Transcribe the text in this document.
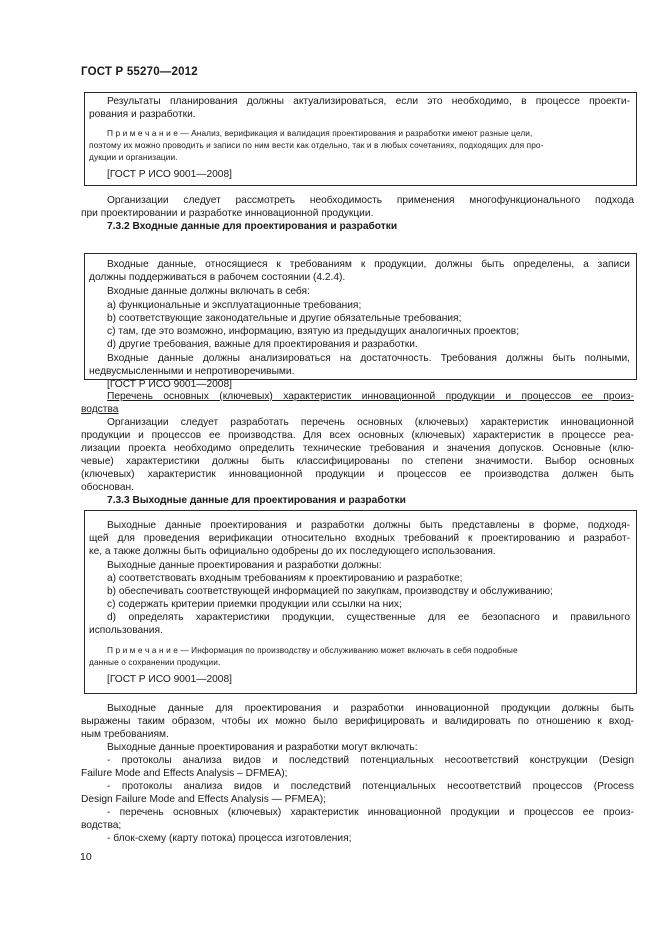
ГОСТ Р 55270—2012
Результаты планирования должны актуализироваться, если это необходимо, в процессе проекти-
рования и разработки.
П р и м е ч а н и е — Анализ, верификация и валидация проектирования и разработки имеют разные цели,
поэтому их можно проводить и записи по ним вести как отдельно, так и в любых сочетаниях, подходящих для про-
дукции и организации.
[ГОСТ Р ИСО 9001—2008]
Организации следует рассмотреть необходимость применения многофункционального подхода
при проектировании и разработке инновационной продукции.
7.3.2 Входные данные для проектирования и разработки
Входные данные, относящиеся к требованиям к продукции, должны быть определены, а записи
должны поддерживаться в рабочем состоянии (4.2.4).
Входные данные должны включать в себя:
a) функциональные и эксплуатационные требования;
b) соответствующие законодательные и другие обязательные требования;
c) там, где это возможно, информацию, взятую из предыдущих аналогичных проектов;
d) другие требования, важные для проектирования и разработки.
Входные данные должны анализироваться на достаточность. Требования должны быть полными,
недвусмысленными и непротиворечивыми.
[ГОСТ Р ИСО 9001—2008]
Перечень основных (ключевых) характеристик инновационной продукции и процессов ее произ-
водства
Организации следует разработать перечень основных (ключевых) характеристик инновационной
продукции и процессов ее производства. Для всех основных (ключевых) характеристик в процессе реа-
лизации проекта необходимо определить технические требования и значения допусков. Основные (клю-
чевые) характеристики должны быть классифицированы по степени значимости. Выбор основных
(ключевых) характеристик инновационной продукции и процессов ее производства должен быть
обоснован.
7.3.3 Выходные данные для проектирования и разработки
Выходные данные проектирования и разработки должны быть представлены в форме, подходя-
щей для проведения верификации относительно входных требований к проектированию и разработ-
ке, а также должны быть официально одобрены до их последующего использования.
Выходные данные проектирования и разработки должны:
a) соответствовать входным требованиям к проектированию и разработке;
b) обеспечивать соответствующей информацией по закупкам, производству и обслуживанию;
c) содержать критерии приемки продукции или ссылки на них;
d) определять характеристики продукции, существенные для ее безопасного и правильного
использования.
П р и м е ч а н и е — Информация по производству и обслуживанию может включать в себя подробные
данные о сохранении продукции.
[ГОСТ Р ИСО 9001—2008]
Выходные данные для проектирования и разработки инновационной продукции должны быть
выражены таким образом, чтобы их можно было верифицировать и валидировать по отношению к вход-
ным требованиям.
Выходные данные проектирования и разработки могут включать:
- протоколы анализа видов и последствий потенциальных несоответствий конструкции (Design
Failure Mode and Effects Analysis – DFMEA);
- протоколы анализа видов и последствий потенциальных несоответствий процессов (Process
Design Failure Mode and Effects Analysis — PFMEA);
- перечень основных (ключевых) характеристик инновационной продукции и процессов ее произ-
водства;
- блок-схему (карту потока) процесса изготовления;
10
